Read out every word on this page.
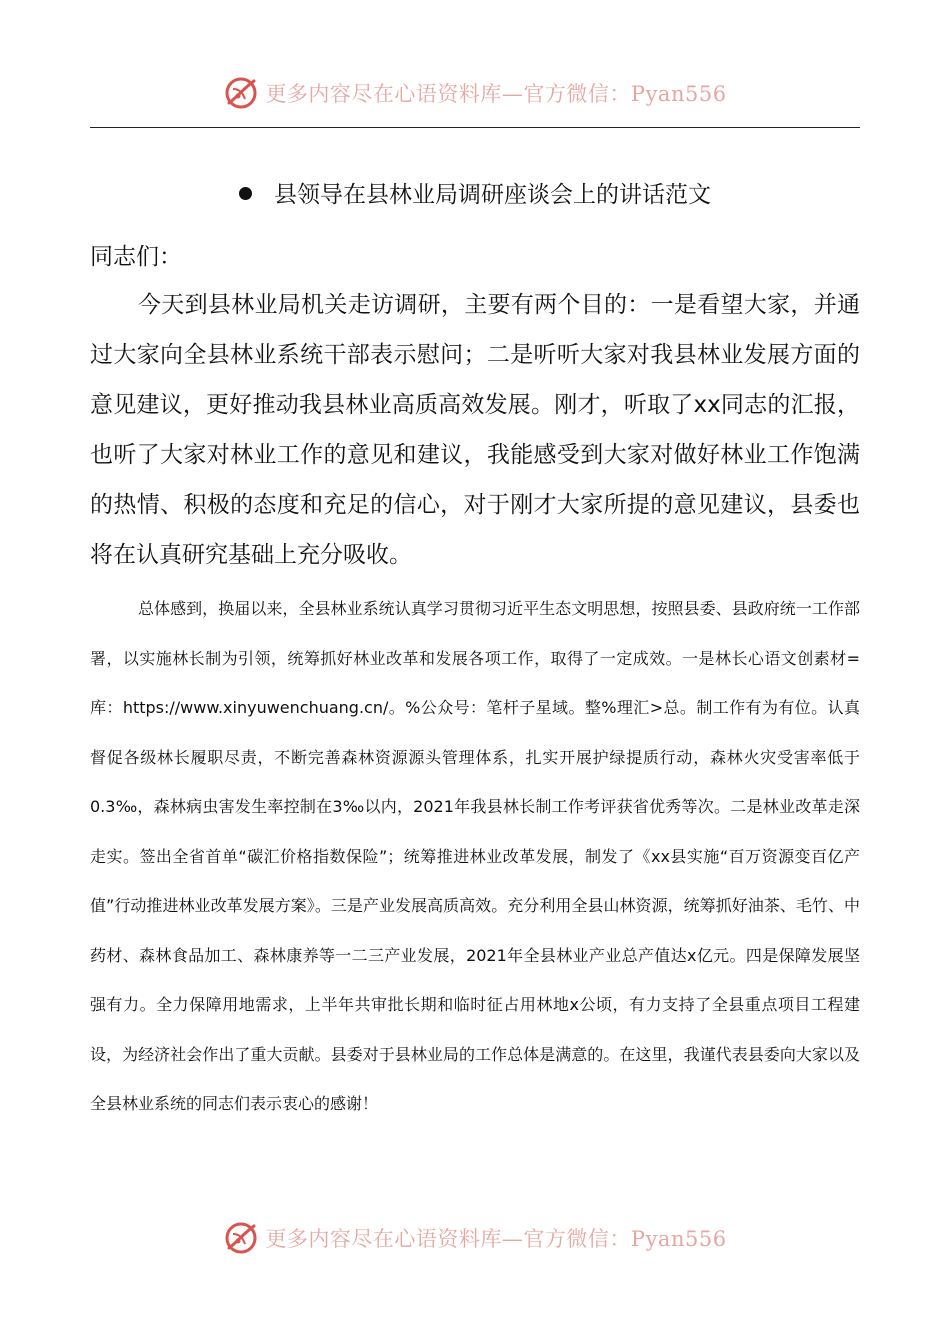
更多内容尽在心语资料库—官方微信：Pyan556
县领导在县林业局调研座谈会上的讲话范文
同志们：
今天到县林业局机关走访调研，主要有两个目的：一是看望大家，并通过大家向全县林业系统干部表示慰问；二是听听大家对我县林业发展方面的意见建议，更好推动我县林业高质高效发展。刚才，听取了xx同志的汇报，也听了大家对林业工作的意见和建议，我能感受到大家对做好林业工作饱满的热情、积极的态度和充足的信心，对于刚才大家所提的意见建议，县委也将在认真研究基础上充分吸收。
总体感到，换届以来，全县林业系统认真学习贯彻习近平生态文明思想，按照县委、县政府统一工作部署，以实施林长制为引领，统筹抓好林业改革和发展各项工作，取得了一定成效。一是林长心语文创素材=库：https://www.xinyuwenchuang.cn/。%公众号：笔杆子星域。整%理汇>总。制工作有为有位。认真督促各级林长履职尽责，不断完善森林资源源头管理体系，扎实开展护绿提质行动，森林火灾受害率低于0.3‰，森林病虫害发生率控制在3‰以内，2021年我县林长制工作考评获省优秀等次。二是林业改革走深走实。签出全省首单“碳汇价格指数保险”；统筹推进林业改革发展，制发了《xx县实施“百万资源变百亿产值”行动推进林业改革发展方案》。三是产业发展高质高效。充分利用全县山林资源，统筹抓好油茶、毛竹、中药材、森林食品加工、森林康养等一二三产业发展，2021年全县林业产业总产值达x亿元。四是保障发展坚强有力。全力保障用地需求，上半年共审批长期和临时征占用林地x公顷，有力支持了全县重点项目工程建设，为经济社会作出了重大贡献。县委对于县林业局的工作总体是满意的。在这里，我谨代表县委向大家以及全县林业系统的同志们表示衷心的感谢！
更多内容尽在心语资料库—官方微信：Pyan556
